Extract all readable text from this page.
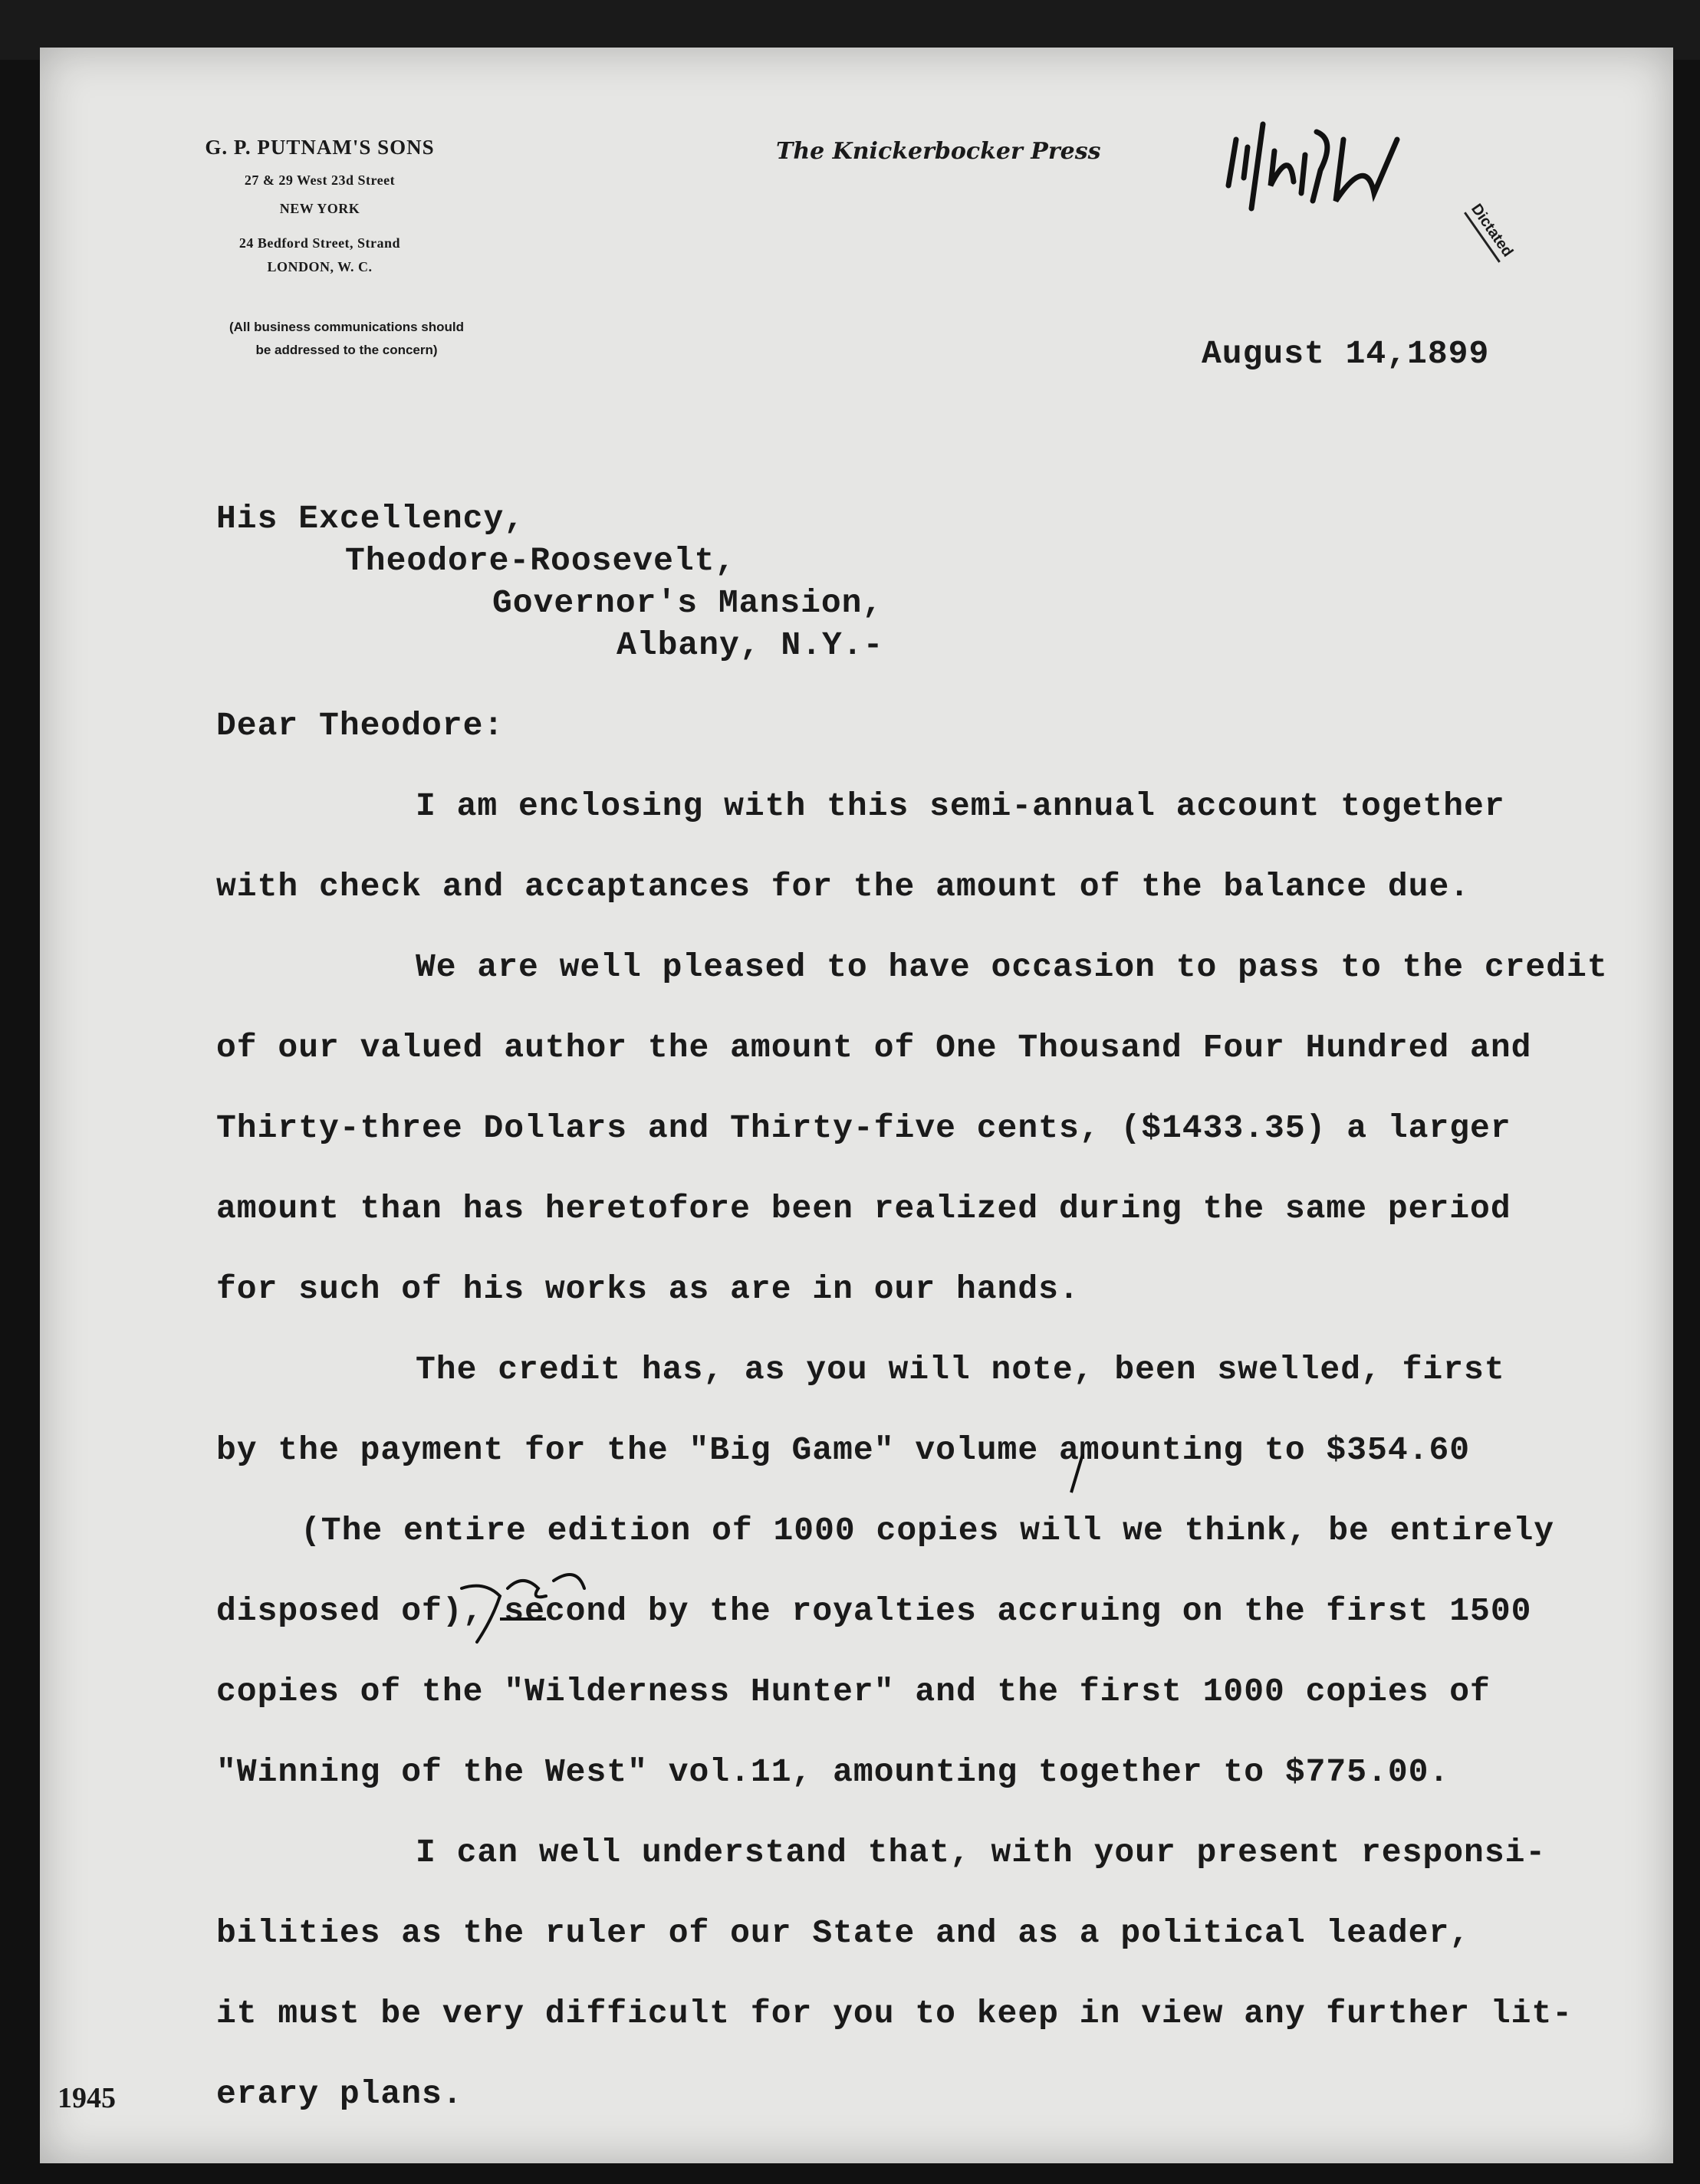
G. P. PUTNAM'S SONS
27 & 29 West 23d Street
NEW YORK
24 Bedford Street, Strand
LONDON, W. C.
(All business communications should
be addressed to the concern)
The Knickerbocker Press
Dictated
August 14,1899
His Excellency,
Theodore-Roosevelt,
Governor's Mansion,
Albany, N.Y.-
Dear Theodore:
I am enclosing with this semi-annual account together
with check and accaptances for the amount of the balance due.
We are well pleased to have occasion to pass to the credit
of our valued author the amount of One Thousand Four Hundred and
Thirty-three Dollars and Thirty-five cents, ($1433.35) a larger
amount than has heretofore been realized during the same period
for such of his works as are in our hands.
The credit has, as you will note, been swelled, first
by the payment for the "Big Game" volume amounting to $354.60
(The entire edition of 1000 copies will we think, be entirely
disposed of), second by the royalties accruing on the first 1500
copies of the "Wilderness Hunter" and the first 1000 copies of
"Winning of the West" vol.11, amounting together to $775.00.
I can well understand that, with your present responsi-
bilities as the ruler of our State and as a political leader,
it must be very difficult for you to keep in view any further lit-
erary plans.
1945
